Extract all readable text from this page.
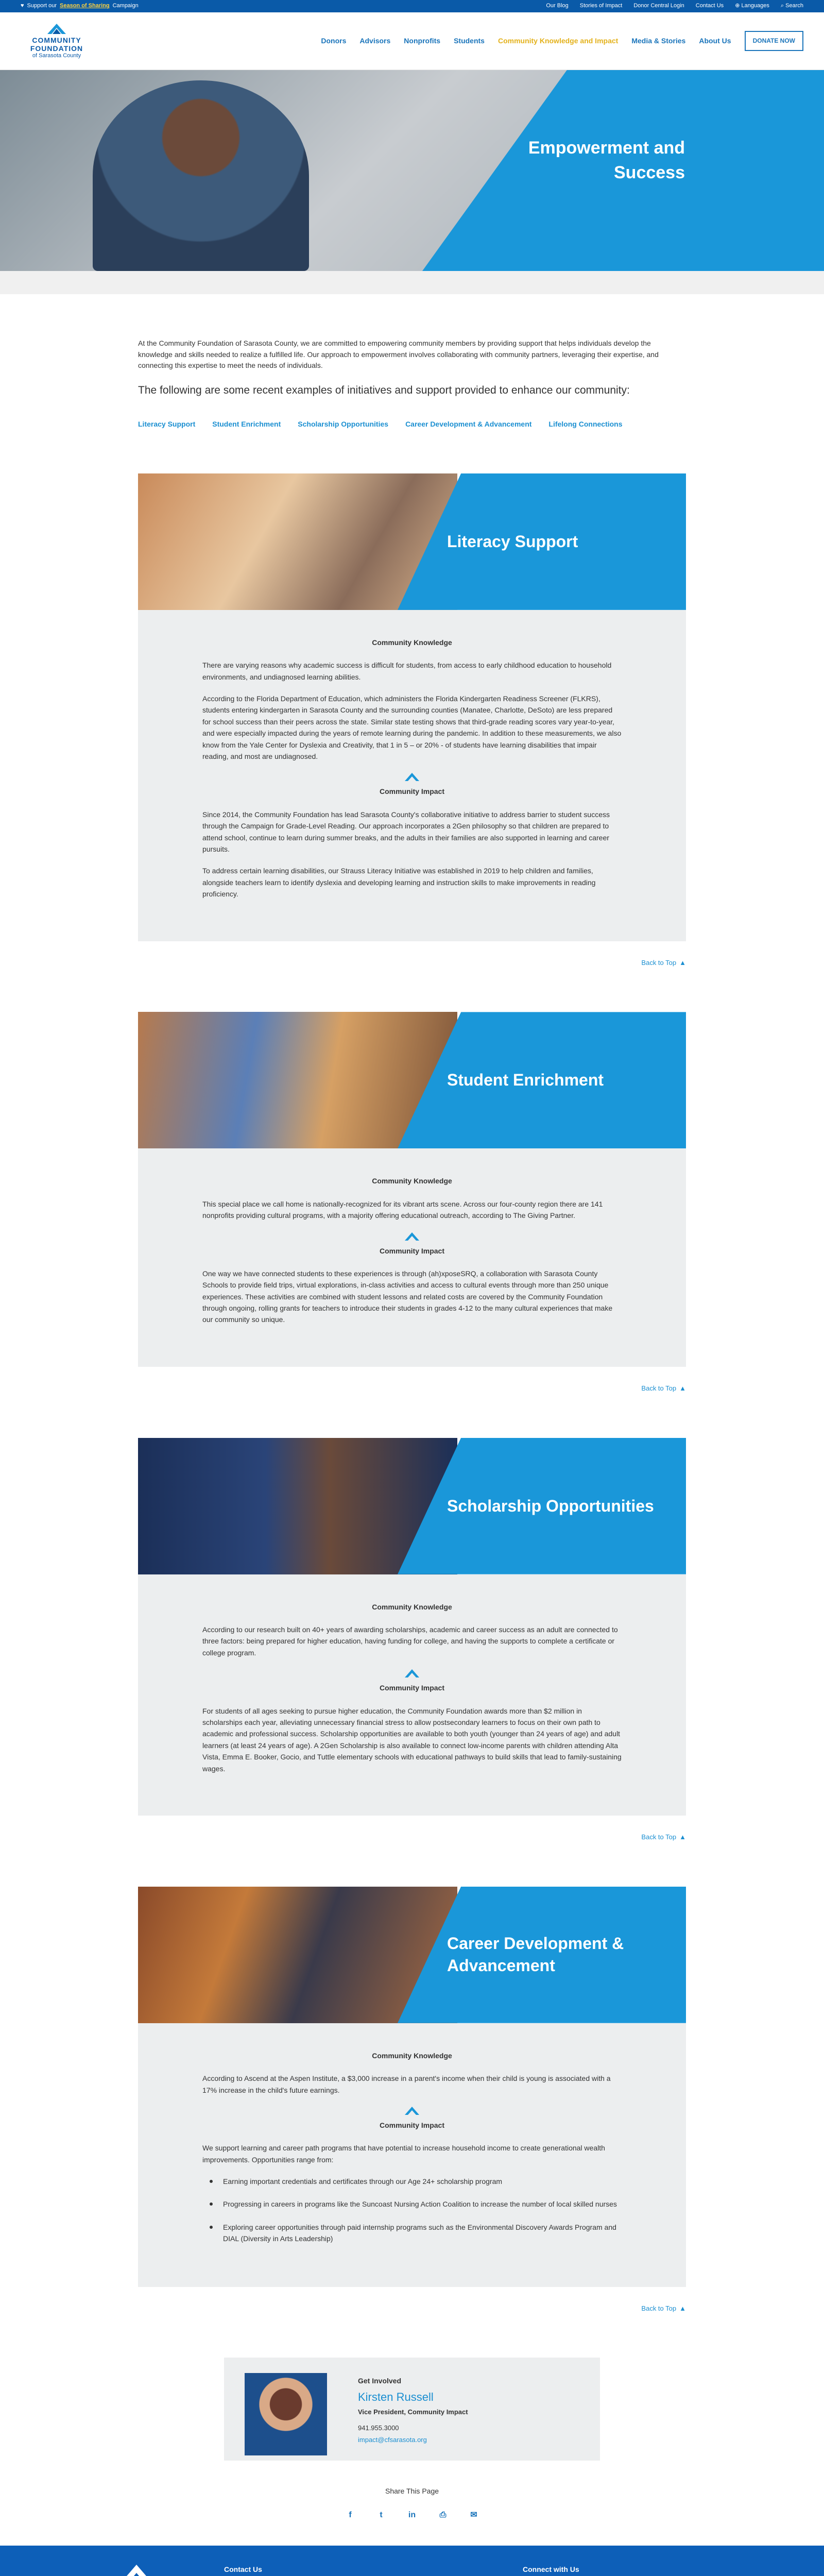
♥ Support our Season of Sharing Campaign	Our Blog Stories of Impact Donor Central Login Contact Us ⊕ Languages ⌕ Search
COMMUNITY
FOUNDATION
of Sarasota County
Donors Advisors Nonprofits Students Community Knowledge and Impact Media & Stories About Us	DONATE NOW
Empowerment and Success

At the Community Foundation of Sarasota County, we are committed to empowering community members by providing support that helps individuals develop the knowledge and skills needed to realize a fulfilled life. Our approach to empowerment involves collaborating with community partners, leveraging their expertise, and connecting this expertise to meet the needs of individuals.

The following are some recent examples of initiatives and support provided to enhance our community:

Literacy Support Student Enrichment Scholarship Opportunities Career Development & Advancement Lifelong Connections
Literacy Support
Community Knowledge

There are varying reasons why academic success is difficult for students, from access to early childhood education to household environments, and undiagnosed learning abilities.

According to the Florida Department of Education, which administers the Florida Kindergarten Readiness Screener (FLKRS), students entering kindergarten in Sarasota County and the surrounding counties (Manatee, Charlotte, DeSoto) are less prepared for school success than their peers across the state. Similar state testing shows that third-grade reading scores vary year-to-year, and were especially impacted during the years of remote learning during the pandemic. In addition to these measurements, we also know from the Yale Center for Dyslexia and Creativity, that 1 in 5 – or 20% - of students have learning disabilities that impair reading, and most are undiagnosed.

Community Impact

Since 2014, the Community Foundation has lead Sarasota County's collaborative initiative to address barrier to student success through the Campaign for Grade-Level Reading. Our approach incorporates a 2Gen philosophy so that children are prepared to attend school, continue to learn during summer breaks, and the adults in their families are also supported in learning and career pursuits.

To address certain learning disabilities, our Strauss Literacy Initiative was established in 2019 to help children and families, alongside teachers learn to identify dyslexia and developing learning and instruction skills to make improvements in reading proficiency.

Back to Top ▲
Student Enrichment
Community Knowledge

This special place we call home is nationally-recognized for its vibrant arts scene. Across our four-county region there are 141 nonprofits providing cultural programs, with a majority offering educational outreach, according to The Giving Partner.

Community Impact

One way we have connected students to these experiences is through (ah)xposeSRQ, a collaboration with Sarasota County Schools to provide field trips, virtual explorations, in-class activities and access to cultural events through more than 250 unique experiences. These activities are combined with student lessons and related costs are covered by the Community Foundation through ongoing, rolling grants for teachers to introduce their students in grades 4-12 to the many cultural experiences that make our community so unique.

Back to Top ▲
Scholarship Opportunities
Community Knowledge

According to our research built on 40+ years of awarding scholarships, academic and career success as an adult are connected to three factors: being prepared for higher education, having funding for college, and having the supports to complete a certificate or college program.

Community Impact

For students of all ages seeking to pursue higher education, the Community Foundation awards more than $2 million in scholarships each year, alleviating unnecessary financial stress to allow postsecondary learners to focus on their own path to academic and professional success. Scholarship opportunities are available to both youth (younger than 24 years of age) and adult learners (at least 24 years of age). A 2Gen Scholarship is also available to connect low-income parents with children attending Alta Vista, Emma E. Booker, Gocio, and Tuttle elementary schools with educational pathways to build skills that lead to family-sustaining wages.

Back to Top ▲
Career Development & Advancement
Community Knowledge

According to Ascend at the Aspen Institute, a $3,000 increase in a parent's income when their child is young is associated with a 17% increase in the child's future earnings.

Community Impact

We support learning and career path programs that have potential to increase household income to create generational wealth improvements. Opportunities range from:

Earning important credentials and certificates through our Age 24+ scholarship program
Progressing in careers in programs like the Suncoast Nursing Action Coalition to increase the number of local skilled nurses
Exploring career opportunities through paid internship programs such as the Environmental Discovery Awards Program and DIAL (Diversity in Arts Leadership)
Back to Top ▲
Get Involved
Kirsten Russell
Vice President, Community Impact
941.955.3000
impact@cfsarasota.org
Share This Page
f	t	in	⎙	✉
Contact Us	Connect with Us
